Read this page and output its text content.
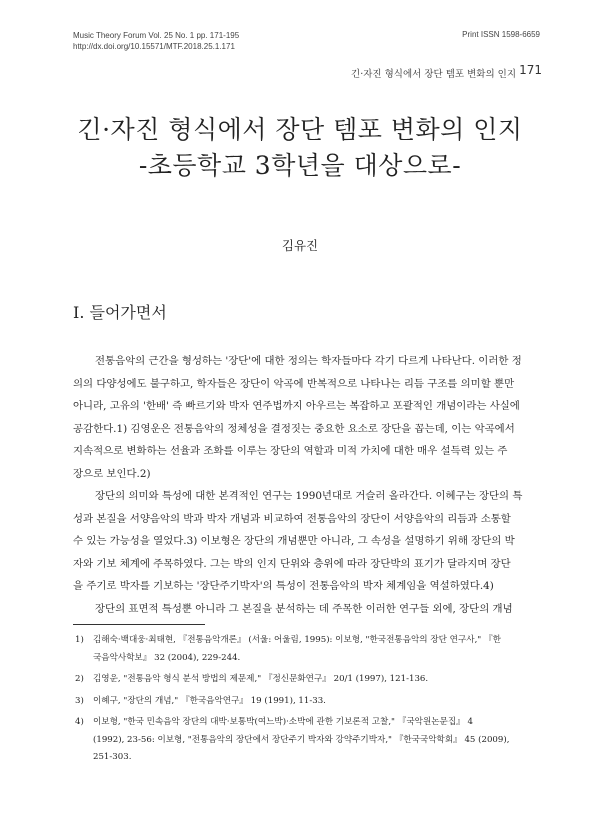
Music Theory Forum Vol. 25 No. 1 pp. 171-195
http://dx.doi.org/10.15571/MTF.2018.25.1.171
Print ISSN 1598-6659
긴·자진 형식에서 장단 템포 변화의 인지 171
긴·자진 형식에서 장단 템포 변화의 인지
-초등학교 3학년을 대상으로-
김유진
I. 들어가면서
전통음악의 근간을 형성하는 '장단'에 대한 정의는 학자들마다 각기 다르게 나타난다. 이러한 정
의의 다양성에도 불구하고, 학자들은 장단이 악곡에 반복적으로 나타나는 리듬 구조를 의미할 뿐만
아니라, 고유의 '한배' 즉 빠르기와 박자 연주법까지 아우르는 복잡하고 포괄적인 개념이라는 사실에
공감한다.1) 김영운은 전통음악의 정체성을 결정짓는 중요한 요소로 장단을 꼽는데, 이는 악곡에서
지속적으로 변화하는 선율과 조화를 이루는 장단의 역할과 미적 가치에 대한 매우 설득력 있는 주
장으로 보인다.2)
장단의 의미와 특성에 대한 본격적인 연구는 1990년대로 거슬러 올라간다. 이혜구는 장단의 특
성과 본질을 서양음악의 박과 박자 개념과 비교하여 전통음악의 장단이 서양음악의 리듬과 소통할
수 있는 가능성을 열었다.3) 이보형은 장단의 개념뿐만 아니라, 그 속성을 설명하기 위해 장단의 박
자와 기보 체계에 주목하였다. 그는 박의 인지 단위와 층위에 따라 장단박의 표기가 달라지며 장단
을 주기로 박자를 기보하는 '장단주기박자'의 특성이 전통음악의 박자 체계임을 역설하였다.4)
장단의 표면적 특성뿐 아니라 그 본질을 분석하는 데 주목한 이러한 연구들 외에, 장단의 개념
1) 김해숙·백대웅·최태현, 『전통음악개론』 (서울: 어울림, 1995): 이보형, "한국전통음악의 장단 연구사," 『한
국음악사학보』 32 (2004), 229-244.
2) 김영운, "전통음악 형식 분석 방법의 제문제," 『정신문화연구』 20/1 (1997), 121-136.
3) 이혜구, "장단의 개념," 『한국음악연구』 19 (1991), 11-33.
4) 이보형, "한국 민속음악 장단의 대박·보통박(여느박)·소박에 관한 기보론적 고찰," 『국악원논문집』 4
(1992), 23-56: 이보형, "전통음악의 장단에서 장단주기 박자와 강약주기박자," 『한국국악학회』 45 (2009),
251-303.
